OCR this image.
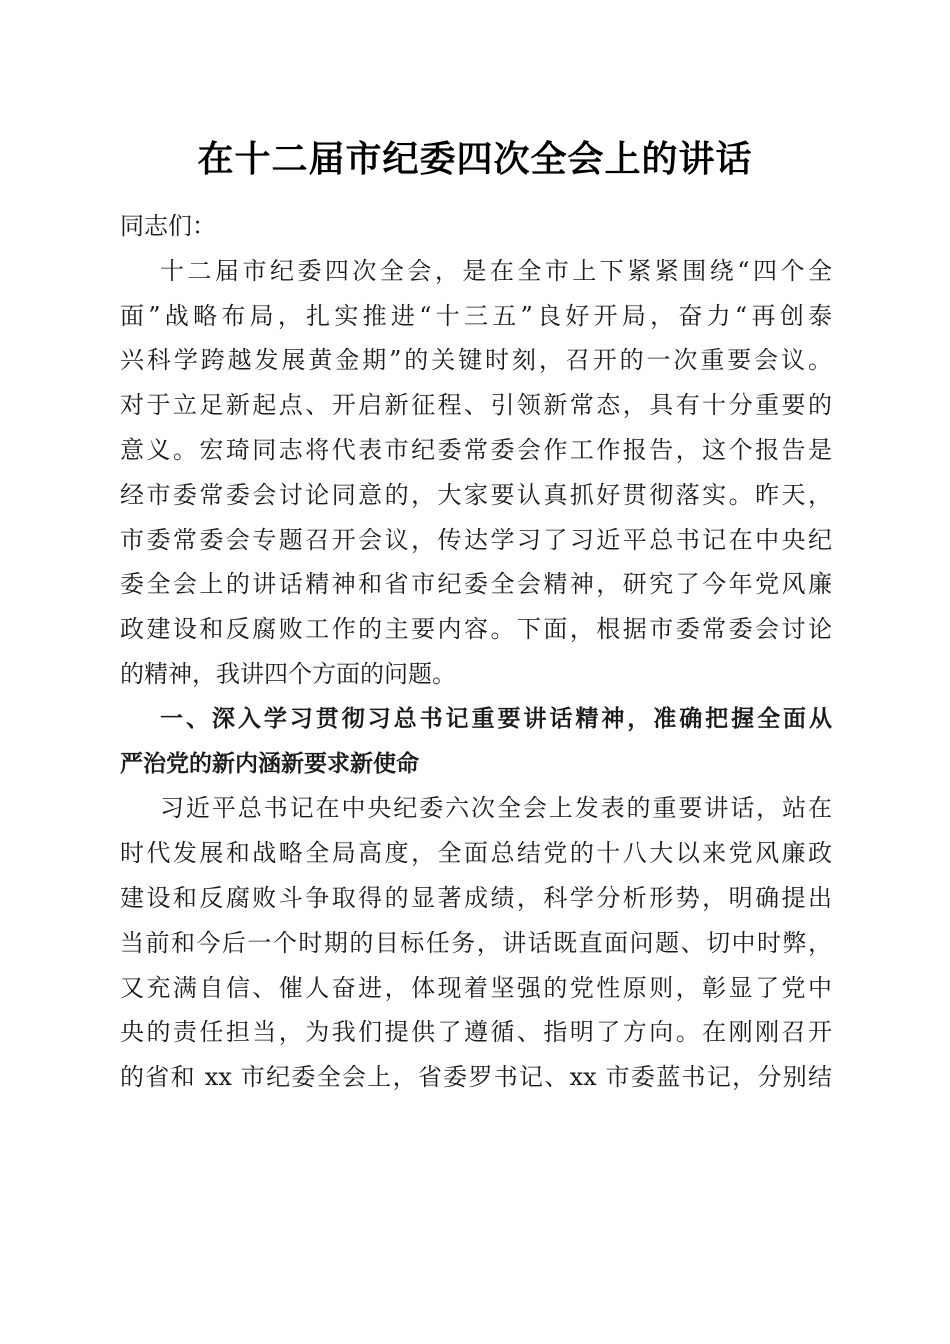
在十二届市纪委四次全会上的讲话
同志们：
十二届市纪委四次全会，是在全市上下紧紧围绕“四个全
面”战略布局，扎实推进“十三五”良好开局，奋力“再创泰
兴科学跨越发展黄金期”的关键时刻，召开的一次重要会议。
对于立足新起点、开启新征程、引领新常态，具有十分重要的
意义。宏琦同志将代表市纪委常委会作工作报告，这个报告是
经市委常委会讨论同意的，大家要认真抓好贯彻落实。昨天，
市委常委会专题召开会议，传达学习了习近平总书记在中央纪
委全会上的讲话精神和省市纪委全会精神，研究了今年党风廉
政建设和反腐败工作的主要内容。下面，根据市委常委会讨论
的精神，我讲四个方面的问题。
一、深入学习贯彻习总书记重要讲话精神，准确把握全面从
严治党的新内涵新要求新使命
习近平总书记在中央纪委六次全会上发表的重要讲话，站在
时代发展和战略全局高度，全面总结党的十八大以来党风廉政
建设和反腐败斗争取得的显著成绩，科学分析形势，明确提出
当前和今后一个时期的目标任务，讲话既直面问题、切中时弊，
又充满自信、催人奋进，体现着坚强的党性原则，彰显了党中
央的责任担当，为我们提供了遵循、指明了方向。在刚刚召开
的省和 xx 市纪委全会上，省委罗书记、xx 市委蓝书记，分别结
